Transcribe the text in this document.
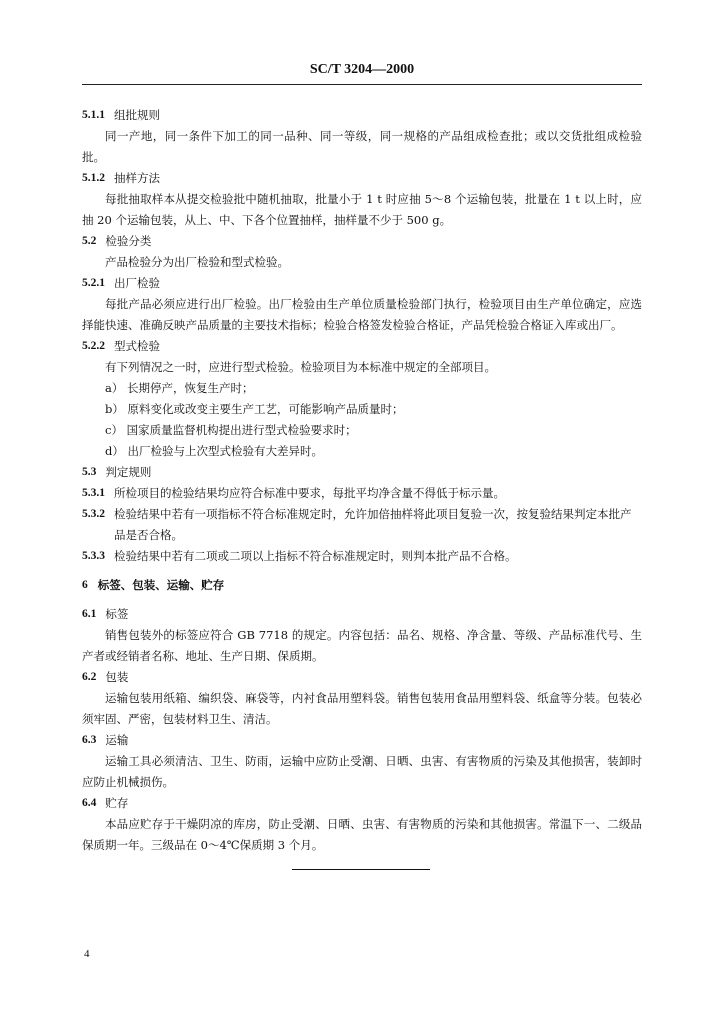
SC/T 3204—2000
5.1.1 组批规则
同一产地，同一条件下加工的同一品种、同一等级，同一规格的产品组成检查批；或以交货批组成检验批。
5.1.2 抽样方法
每批抽取样本从提交检验批中随机抽取，批量小于 1 t 时应抽 5～8 个运输包装，批量在 1 t 以上时，应抽 20 个运输包装，从上、中、下各个位置抽样，抽样量不少于 500 g。
5.2 检验分类
产品检验分为出厂检验和型式检验。
5.2.1 出厂检验
每批产品必须应进行出厂检验。出厂检验由生产单位质量检验部门执行，检验项目由生产单位确定，应选择能快速、准确反映产品质量的主要技术指标；检验合格签发检验合格证，产品凭检验合格证入库或出厂。
5.2.2 型式检验
有下列情况之一时，应进行型式检验。检验项目为本标准中规定的全部项目。
a） 长期停产，恢复生产时；
b） 原料变化或改变主要生产工艺，可能影响产品质量时；
c） 国家质量监督机构提出进行型式检验要求时；
d） 出厂检验与上次型式检验有大差异时。
5.3 判定规则
5.3.1 所检项目的检验结果均应符合标准中要求，每批平均净含量不得低于标示量。
5.3.2 检验结果中若有一项指标不符合标准规定时，允许加倍抽样将此项目复验一次，按复验结果判定本批产品是否合格。
5.3.3 检验结果中若有二项或二项以上指标不符合标准规定时，则判本批产品不合格。
6 标签、包装、运输、贮存
6.1 标签
销售包装外的标签应符合 GB 7718 的规定。内容包括：品名、规格、净含量、等级、产品标准代号、生产者或经销者名称、地址、生产日期、保质期。
6.2 包装
运输包装用纸箱、编织袋、麻袋等，内衬食品用塑料袋。销售包装用食品用塑料袋、纸盒等分装。包装必须牢固、严密，包装材料卫生、清洁。
6.3 运输
运输工具必须清洁、卫生、防雨，运输中应防止受潮、日晒、虫害、有害物质的污染及其他损害，装卸时应防止机械损伤。
6.4 贮存
本品应贮存于干燥阴凉的库房，防止受潮、日晒、虫害、有害物质的污染和其他损害。常温下一、二级品保质期一年。三级品在 0～4℃保质期 3 个月。
4
